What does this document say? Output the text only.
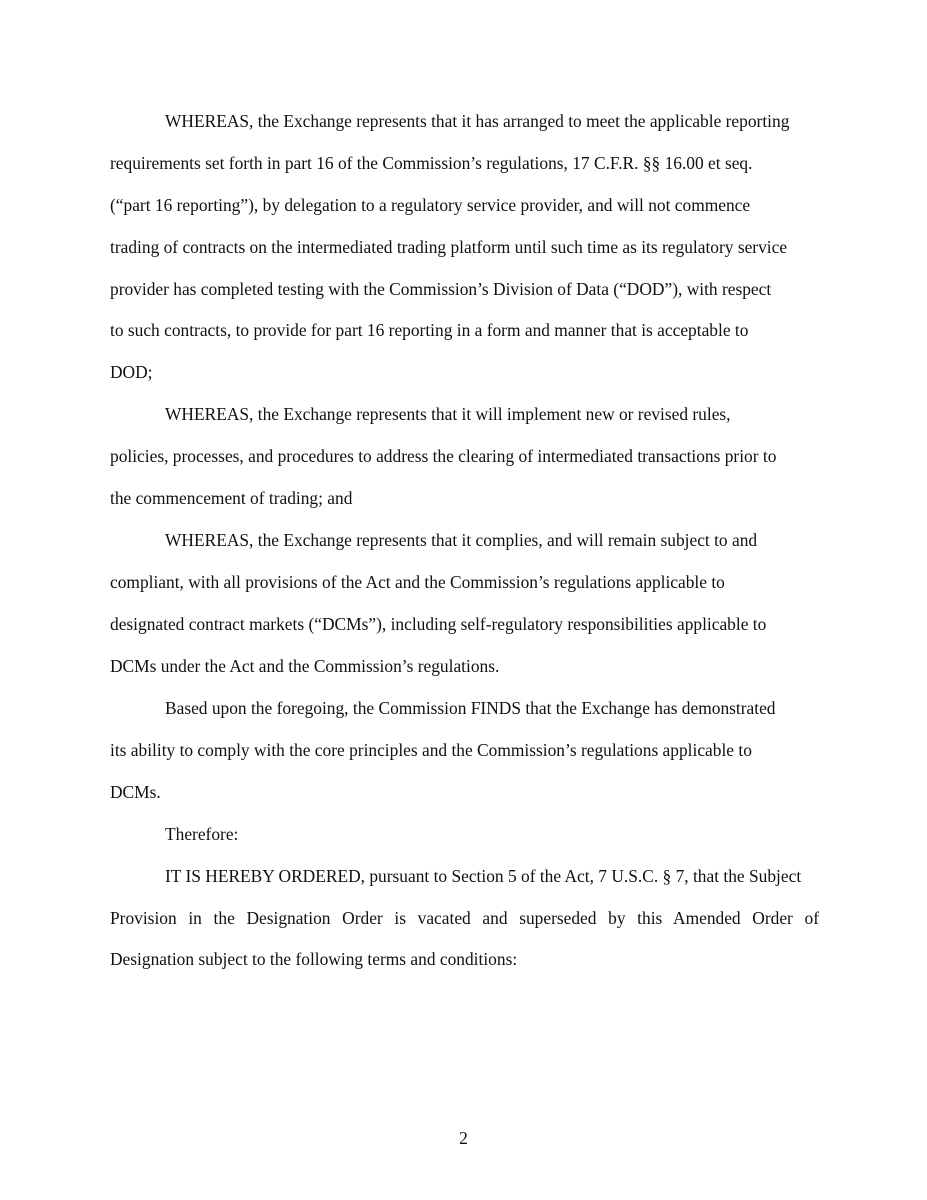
WHEREAS, the Exchange represents that it has arranged to meet the applicable reporting
requirements set forth in part 16 of the Commission’s regulations, 17 C.F.R. §§ 16.00 et seq.
(“part 16 reporting”), by delegation to a regulatory service provider, and will not commence
trading of contracts on the intermediated trading platform until such time as its regulatory service
provider has completed testing with the Commission’s Division of Data (“DOD”), with respect
to such contracts, to provide for part 16 reporting in a form and manner that is acceptable to
DOD;
WHEREAS, the Exchange represents that it will implement new or revised rules,
policies, processes, and procedures to address the clearing of intermediated transactions prior to
the commencement of trading; and
WHEREAS, the Exchange represents that it complies, and will remain subject to and
compliant, with all provisions of the Act and the Commission’s regulations applicable to
designated contract markets (“DCMs”), including self-regulatory responsibilities applicable to
DCMs under the Act and the Commission’s regulations.
Based upon the foregoing, the Commission FINDS that the Exchange has demonstrated
its ability to comply with the core principles and the Commission’s regulations applicable to
DCMs.
Therefore:
IT IS HEREBY ORDERED, pursuant to Section 5 of the Act, 7 U.S.C. § 7, that the Subject
Provision in the Designation Order is vacated and superseded by this Amended Order of
Designation subject to the following terms and conditions:
2
